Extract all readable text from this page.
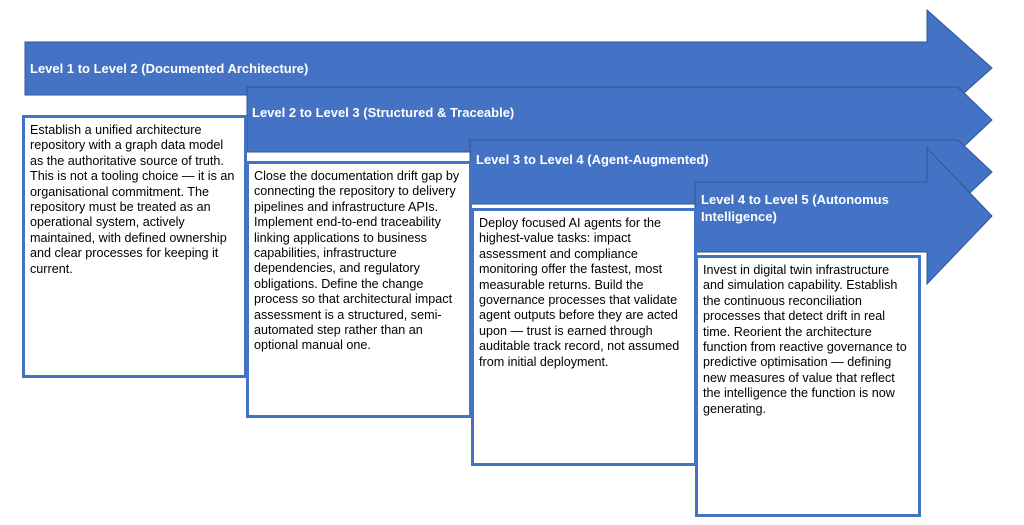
Level 1 to Level 2 (Documented Architecture)
Level 2 to Level 3 (Structured & Traceable)
Level 3 to Level 4 (Agent-Augmented)
Level 4 to Level 5 (Autonomus Intelligence)

Establish a unified architecture repository with a graph data model as the authoritative source of truth. This is not a tooling choice — it is an organisational commitment. The repository must be treated as an operational system, actively maintained, with defined ownership and clear processes for keeping it current.

Close the documentation drift gap by connecting the repository to delivery pipelines and infrastructure APIs. Implement end-to-end traceability linking applications to business capabilities, infrastructure dependencies, and regulatory obligations. Define the change process so that architectural impact assessment is a structured, semi-automated step rather than an optional manual one.

Deploy focused AI agents for the highest-value tasks: impact assessment and compliance monitoring offer the fastest, most measurable returns. Build the governance processes that validate agent outputs before they are acted upon — trust is earned through auditable track record, not assumed from initial deployment.

Invest in digital twin infrastructure and simulation capability. Establish the continuous reconciliation processes that detect drift in real time. Reorient the architecture function from reactive governance to predictive optimisation — defining new measures of value that reflect the intelligence the function is now generating.
